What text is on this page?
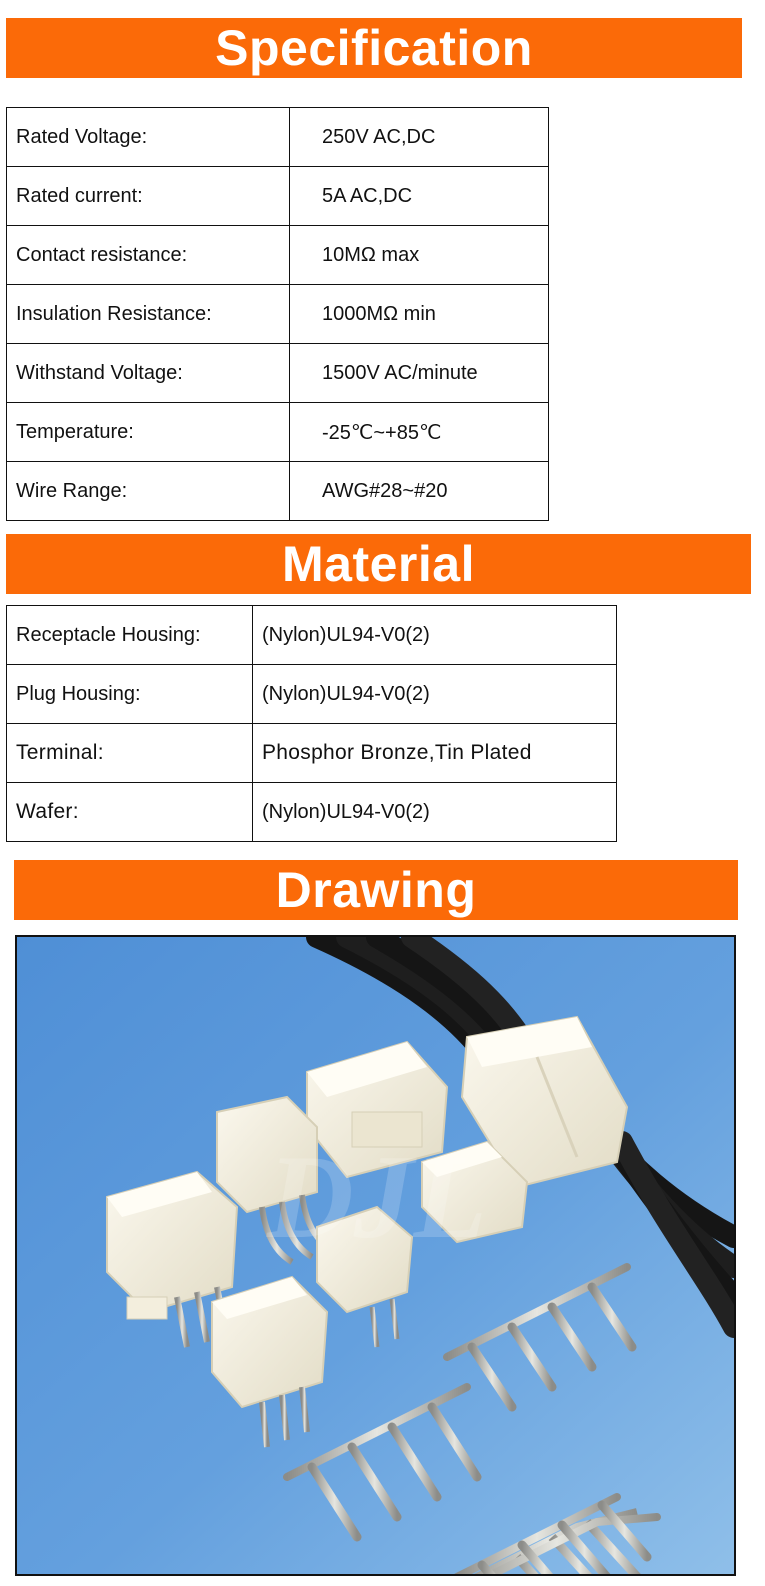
Specification
Rated Voltage:	250V AC,DC
Rated current:	5A AC,DC
Contact resistance:	10MΩ max
Insulation Resistance:	1000MΩ min
Withstand Voltage:	1500V AC/minute
Temperature:	-25℃~+85℃
Wire Range:	AWG#28~#20
Material
Receptacle Housing:	(Nylon)UL94-V0(2)
Plug Housing:	(Nylon)UL94-V0(2)
Terminal:	Phosphor Bronze,Tin Plated
Wafer:	(Nylon)UL94-V0(2)
Drawing
DJL
